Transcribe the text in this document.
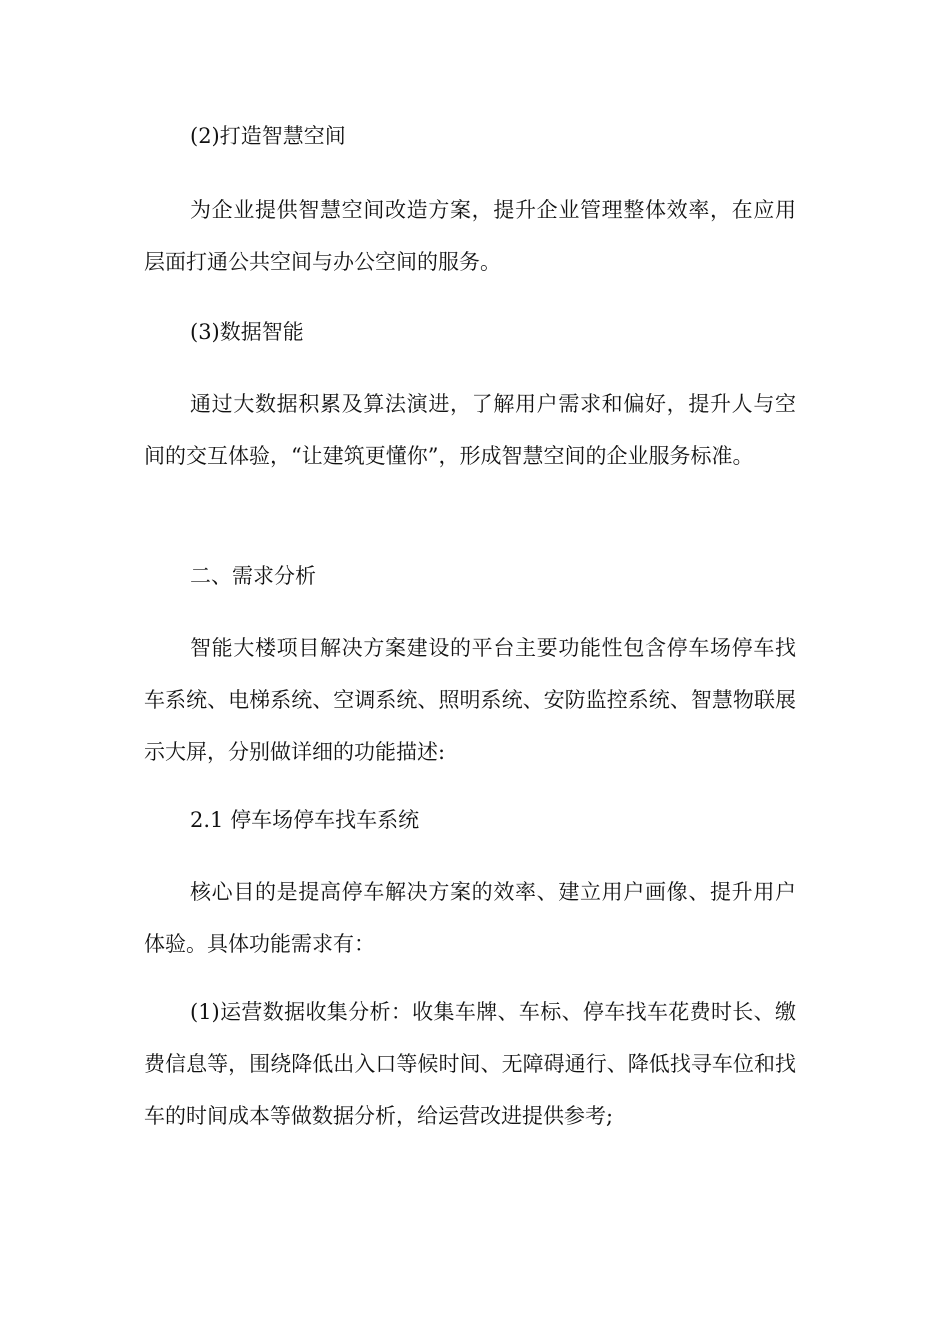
(2)打造智慧空间

为企业提供智慧空间改造方案，提升企业管理整体效率，在应用层面打通公共空间与办公空间的服务。

(3)数据智能

通过大数据积累及算法演进，了解用户需求和偏好，提升人与空间的交互体验，“让建筑更懂你”，形成智慧空间的企业服务标准。

二、需求分析

智能大楼项目解决方案建设的平台主要功能性包含停车场停车找车系统、电梯系统、空调系统、照明系统、安防监控系统、智慧物联展示大屏，分别做详细的功能描述:

2.1 停车场停车找车系统

核心目的是提高停车解决方案的效率、建立用户画像、提升用户体验。具体功能需求有：

(1)运营数据收集分析：收集车牌、车标、停车找车花费时长、缴费信息等，围绕降低出入口等候时间、无障碍通行、降低找寻车位和找车的时间成本等做数据分析，给运营改进提供参考;
